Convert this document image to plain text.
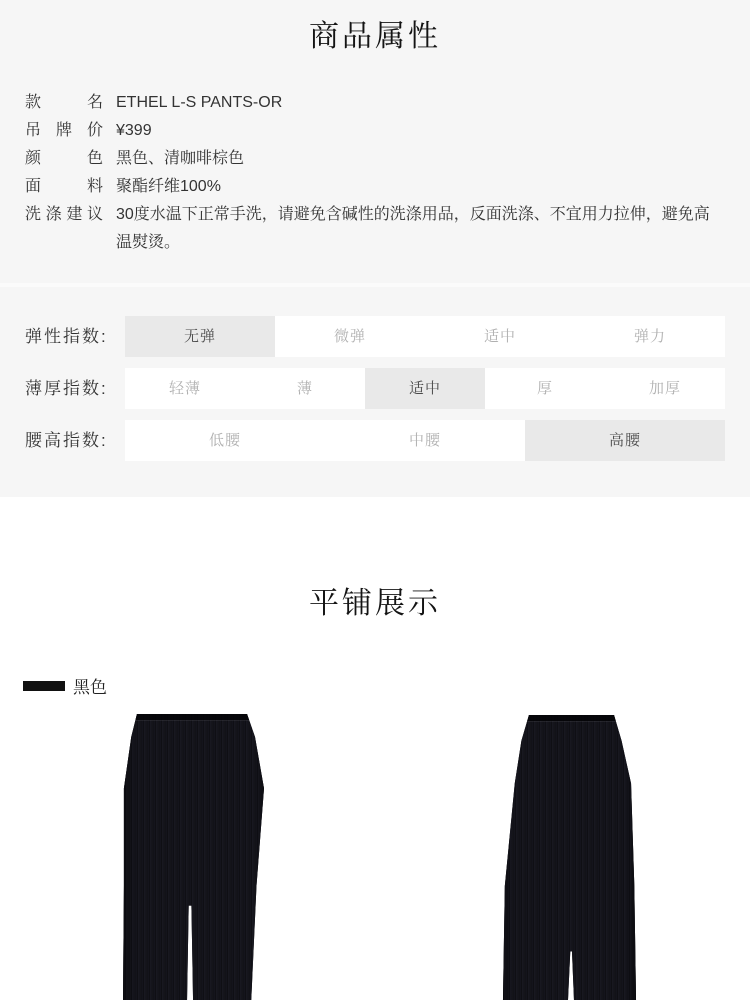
商品属性
款名 ETHEL L-S PANTS-OR
吊牌价 ¥399
颜色 黑色、清咖啡棕色
面料 聚酯纤维100%
洗涤建议 30度水温下正常手洗，请避免含碱性的洗涤用品，反面洗涤、不宜用力拉伸，避免高温熨烫。
弹性指数:	无弹	微弹	适中	弹力
薄厚指数:	轻薄	薄	适中	厚	加厚
腰高指数:	低腰	中腰	高腰
平铺展示
黑色
